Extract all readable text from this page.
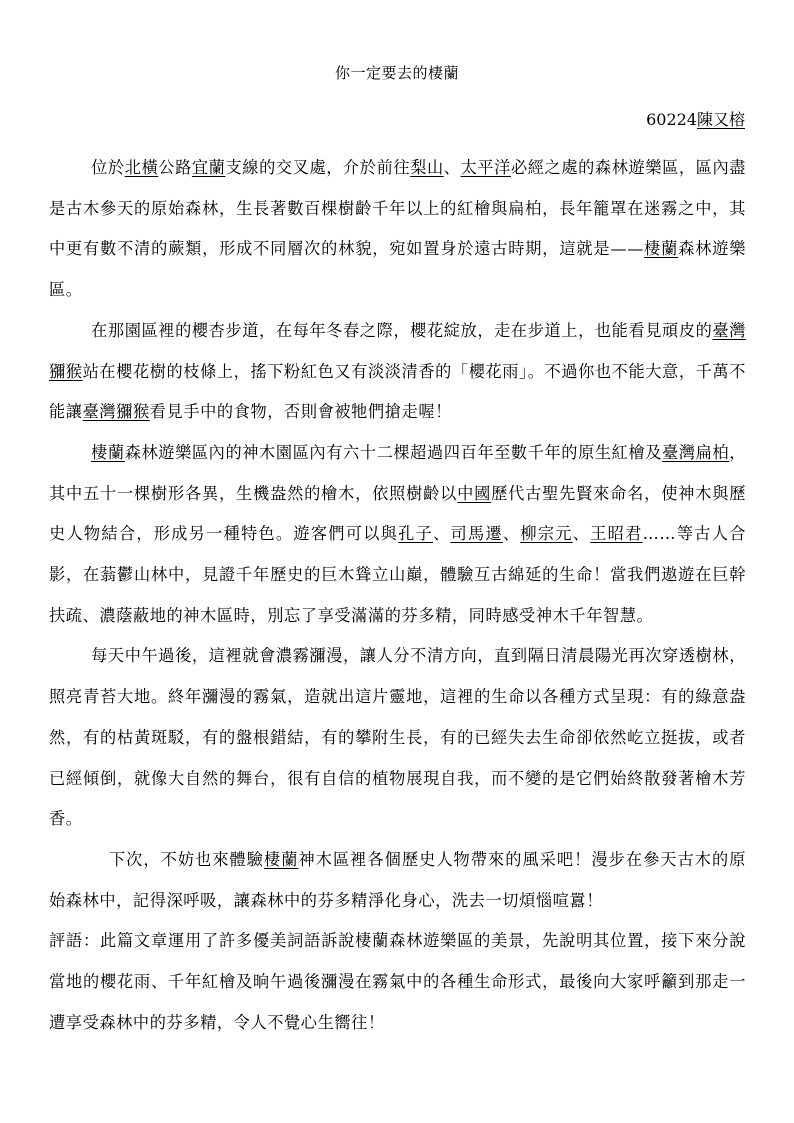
你一定要去的棲蘭
60224陳又榕

位於北橫公路宜蘭支線的交叉處，介於前往梨山、太平洋必經之處的森林遊樂區，區內盡是古木參天的原始森林，生長著數百棵樹齡千年以上的紅檜與扁柏，長年籠罩在迷霧之中，其中更有數不清的蕨類，形成不同層次的林貌，宛如置身於遠古時期，這就是——棲蘭森林遊樂區。

在那園區裡的櫻杏步道，在每年冬春之際，櫻花綻放，走在步道上，也能看見頑皮的臺灣獼猴站在櫻花樹的枝條上，搖下粉紅色又有淡淡清香的「櫻花雨」。不過你也不能大意，千萬不能讓臺灣獼猴看見手中的食物，否則會被牠們搶走喔！

棲蘭森林遊樂區內的神木園區內有六十二棵超過四百年至數千年的原生紅檜及臺灣扁柏，其中五十一棵樹形各異，生機盎然的檜木，依照樹齡以中國歷代古聖先賢來命名，使神木與歷史人物結合，形成另一種特色。遊客們可以與孔子、司馬遷、柳宗元、王昭君……等古人合影，在蓊鬱山林中，見證千年歷史的巨木聳立山巔，體驗互古綿延的生命！當我們遨遊在巨幹扶疏、濃蔭蔽地的神木區時，別忘了享受滿滿的芬多精，同時感受神木千年智慧。

每天中午過後，這裡就會濃霧瀰漫，讓人分不清方向，直到隔日清晨陽光再次穿透樹林，照亮青苔大地。終年瀰漫的霧氣，造就出這片靈地，這裡的生命以各種方式呈現：有的綠意盎然，有的枯黃斑駁，有的盤根錯結，有的攀附生長，有的已經失去生命卻依然屹立挺拔，或者已經傾倒，就像大自然的舞台，很有自信的植物展現自我，而不變的是它們始終散發著檜木芳香。

下次，不妨也來體驗棲蘭神木區裡各個歷史人物帶來的風采吧！漫步在參天古木的原始森林中，記得深呼吸，讓森林中的芬多精淨化身心，洗去一切煩惱喧囂！

評語：此篇文章運用了許多優美詞語訴說棲蘭森林遊樂區的美景，先說明其位置，接下來分說當地的櫻花雨、千年紅檜及晌午過後瀰漫在霧氣中的各種生命形式，最後向大家呼籲到那走一遭享受森林中的芬多精，令人不覺心生嚮往！
